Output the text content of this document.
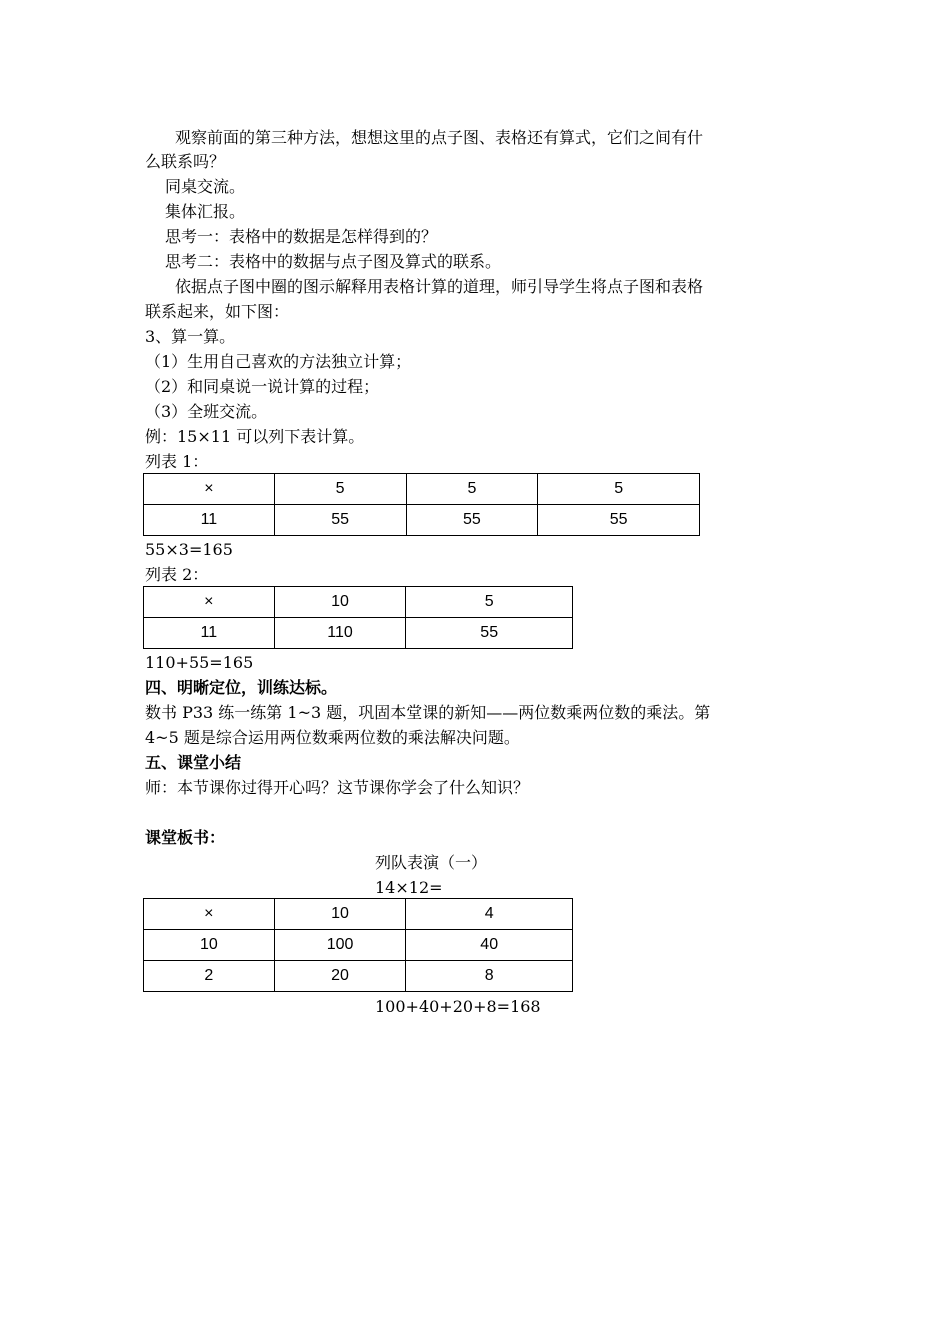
观察前面的第三种方法，想想这里的点子图、表格还有算式，它们之间有什
么联系吗？
同桌交流。
集体汇报。
思考一：表格中的数据是怎样得到的？
思考二：表格中的数据与点子图及算式的联系。
依据点子图中圈的图示解释用表格计算的道理，师引导学生将点子图和表格
联系起来，如下图：
3、算一算。
（1）生用自己喜欢的方法独立计算；
（2）和同桌说一说计算的过程；
（3）全班交流。
例：15×11 可以列下表计算。
列表 1：
×	5	5	5
11	55	55	55
55×3=165
列表 2：
×	10	5
11	110	55
110+55=165
四、明晰定位，训练达标。
数书 P33 练一练第 1~3 题，巩固本堂课的新知——两位数乘两位数的乘法。第
4~5 题是综合运用两位数乘两位数的乘法解决问题。
五、课堂小结
师：本节课你过得开心吗？这节课你学会了什么知识？
课堂板书：
列队表演（一）
14×12=
×	10	4
10	100	40
2	20	8
100+40+20+8=168
